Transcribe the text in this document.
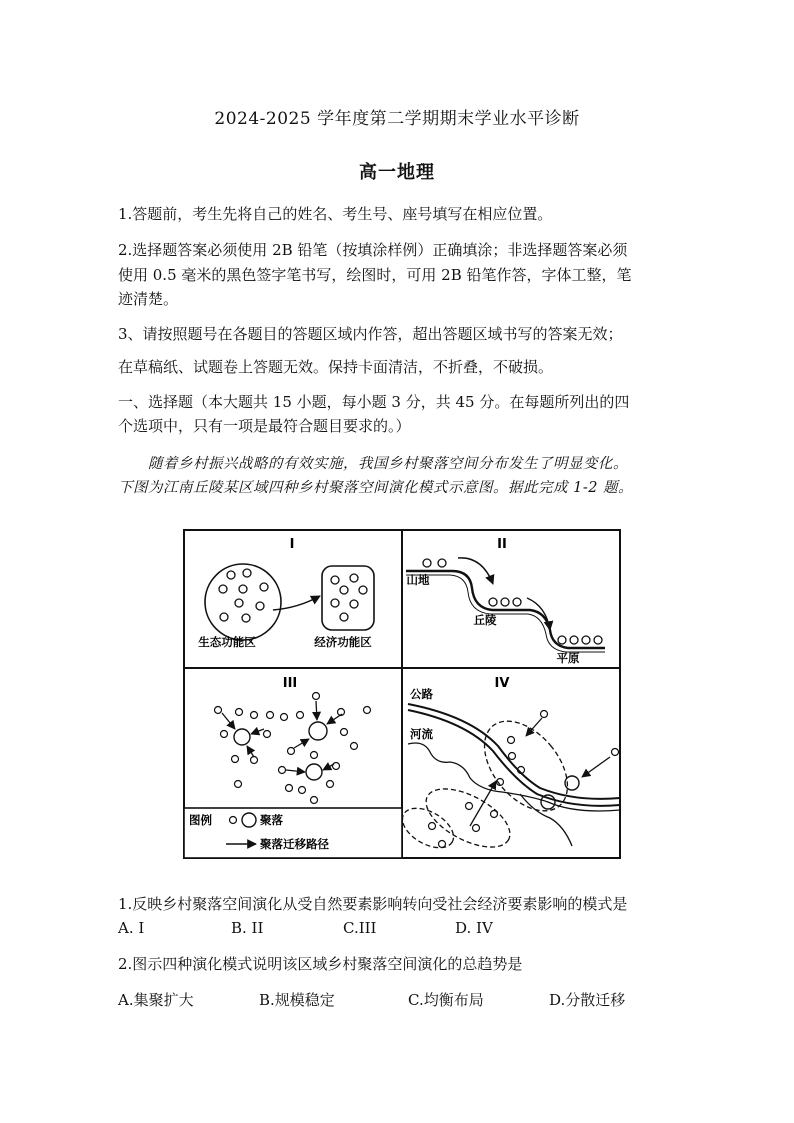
2024-2025 学年度第二学期期末学业水平诊断
高一地理
1.答题前，考生先将自己的姓名、考生号、座号填写在相应位置。
2.选择题答案必须使用 2B 铅笔（按填涂样例）正确填涂；非选择题答案必须
使用 0.5 毫米的黑色签字笔书写，绘图时，可用 2B 铅笔作答，字体工整，笔
迹清楚。
3、请按照题号在各题目的答题区域内作答，超出答题区域书写的答案无效；
在草稿纸、试题卷上答题无效。保持卡面清洁，不折叠，不破损。
一、选择题（本大题共 15 小题，每小题 3 分，共 45 分。在每题所列出的四
个选项中，只有一项是最符合题目要求的。）
随着乡村振兴战略的有效实施，我国乡村聚落空间分布发生了明显变化。
下图为江南丘陵某区域四种乡村聚落空间演化模式示意图。据此完成 1-2 题。
I
生态功能区	经济功能区
II
山地
丘陵
平原
III
图例	聚落
聚落迁移路径
IV
公路
河流
1.反映乡村聚落空间演化从受自然要素影响转向受社会经济要素影响的模式是
A. I	B. II	C.III	D. IV
2.图示四种演化模式说明该区域乡村聚落空间演化的总趋势是
A.集聚扩大	B.规模稳定	C.均衡布局	D.分散迁移
